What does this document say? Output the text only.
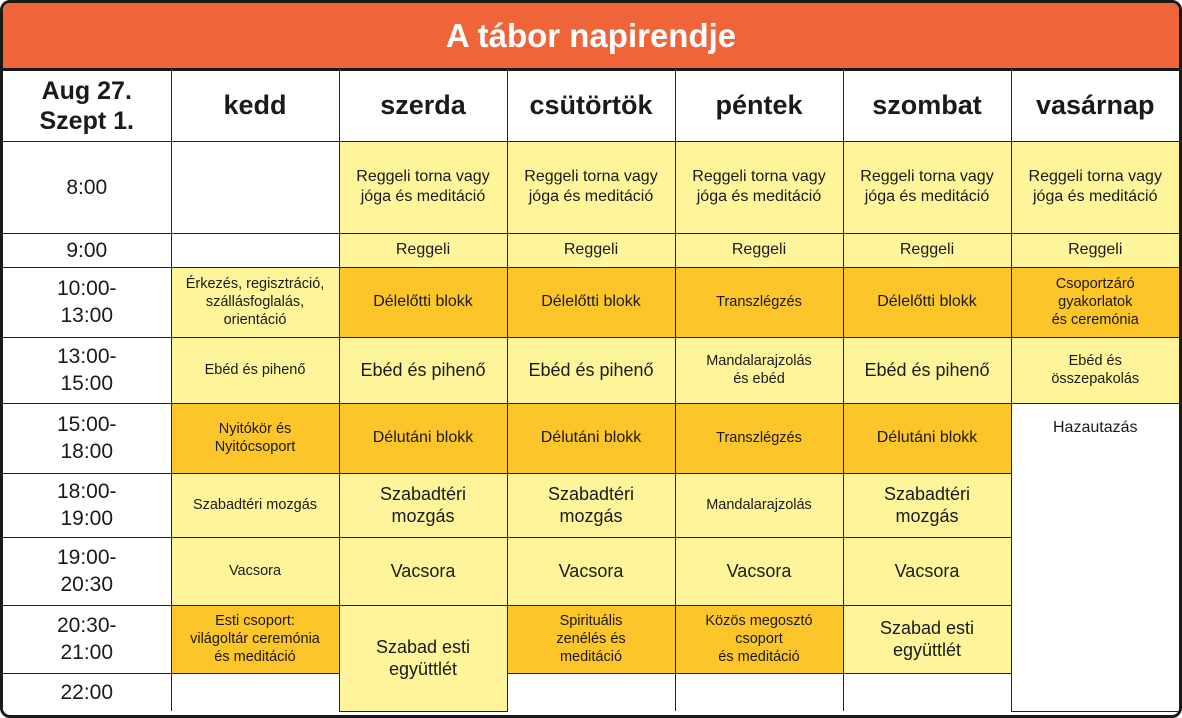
A tábor napirendje
Aug 27.
Szept 1.	kedd	szerda	csütörtök	péntek	szombat	vasárnap
8:00		Reggeli torna vagy
jóga és meditáció	Reggeli torna vagy
jóga és meditáció	Reggeli torna vagy
jóga és meditáció	Reggeli torna vagy
jóga és meditáció	Reggeli torna vagy
jóga és meditáció
9:00		Reggeli	Reggeli	Reggeli	Reggeli	Reggeli
10:00-
13:00	Érkezés, regisztráció,
szállásfoglalás,
orientáció	Délelőtti blokk	Délelőtti blokk	Transzlégzés	Délelőtti blokk	Csoportzáró
gyakorlatok
és ceremónia
13:00-
15:00	Ebéd és pihenő	Ebéd és pihenő	Ebéd és pihenő	Mandalarajzolás
és ebéd	Ebéd és pihenő	Ebéd és
összepakolás
15:00-
18:00	Nyitókör és
Nyitócsoport	Délutáni blokk	Délutáni blokk	Transzlégzés	Délutáni blokk	Hazautazás
18:00-
19:00	Szabadtéri mozgás	Szabadtéri
mozgás	Szabadtéri
mozgás	Mandalarajzolás	Szabadtéri
mozgás	
19:00-
20:30	Vacsora	Vacsora	Vacsora	Vacsora	Vacsora	
20:30-
21:00	Esti csoport:
világoltár ceremónia
és meditáció	Szabad esti
együttlét	Spirituális
zenélés és
meditáció	Közös megosztó
csoport
és meditáció	Szabad esti
együttlét	
22:00						
